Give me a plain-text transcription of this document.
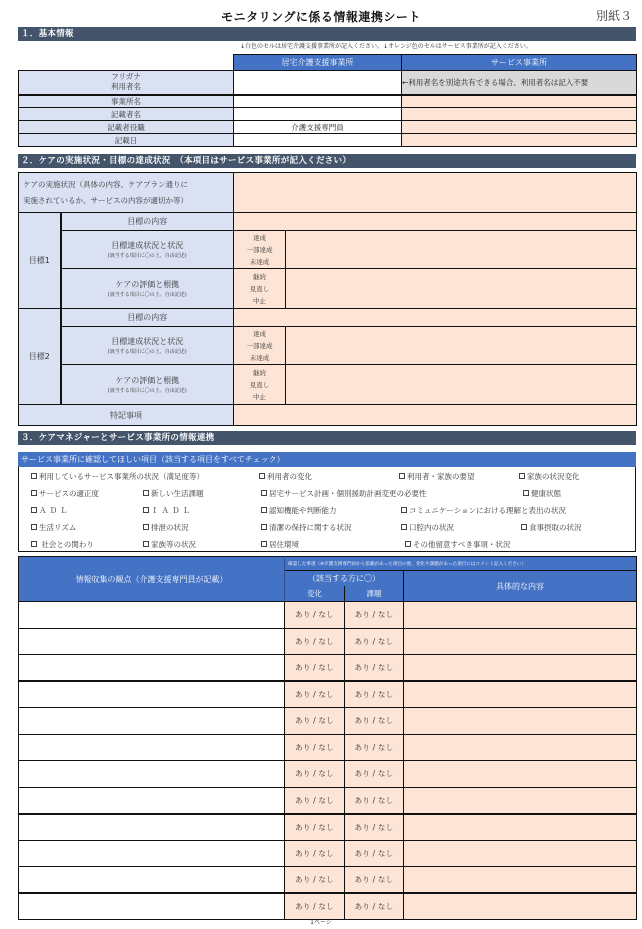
モニタリングに係る情報連携シート	別紙３
１．基本情報
↓白色のセルは居宅介護支援事業所が記入ください。↓オレンジ色のセルはサービス事業所が記入ください。
	居宅介護支援事業所	サービス事業所
フリガナ
利用者名		←利用者名を別途共有できる場合、利用者名は記入不要
事業所名		
記載者名		
記載者役職	介護支援専門員	
記載日		
２．ケアの実施状況・目標の達成状況　（本項目はサービス事業所が記入ください）
ケアの実施状況（具体の内容、ケアプラン通りに
実施されているか、サービスの内容が適切か等）			
目標1	目標の内容		
	目標達成状況と状況
(該当する項目に〇の上、自由記述)	達成
一部達成
未達成	
	ケアの評価と根拠
(該当する項目に〇の上、自由記述)	継続
見直し
中止	
目標2	目標の内容		
	目標達成状況と状況
(該当する項目に〇の上、自由記述)	達成
一部達成
未達成	
	ケアの評価と根拠
(該当する項目に〇の上、自由記述)	継続
見直し
中止	
特記事項			
３．ケアマネジャーとサービス事業所の情報連携
サービス事業所に確認してほしい項目（該当する項目をすべてチェック）
利用しているサービス事業所の状況（満足度等）	利用者の変化	利用者・家族の要望	家族の状況変化
サービスの適正度	新しい生活課題	居宅サービス計画・個別援助計画変更の必要性	健康状態
ＡＤＬ	ＩＡＤＬ	認知機能や判断能力	コミュニケーションにおける理解と表出の状況
生活リズム	排泄の状況	清潔の保持に関する状況	口腔内の状況	食事摂取の状況
社会との関わり	家族等の状況	居住環境	その他留意すべき事項・状況
情報収集の観点（介護支援専門員が記載）	確認した事項（※介護支援専門員から依頼があった項目の他、変化や課題があった項目にはコメント記入ください）		
	（該当する方に〇）		具体的な内容
	変化	課題	
	あり / なし	あり / なし	
	あり / なし	あり / なし	
	あり / なし	あり / なし	
	あり / なし	あり / なし	
	あり / なし	あり / なし	
	あり / なし	あり / なし	
	あり / なし	あり / なし	
	あり / なし	あり / なし	
	あり / なし	あり / なし	
	あり / なし	あり / なし	
	あり / なし	あり / なし	
	あり / なし	あり / なし	
1ページ
